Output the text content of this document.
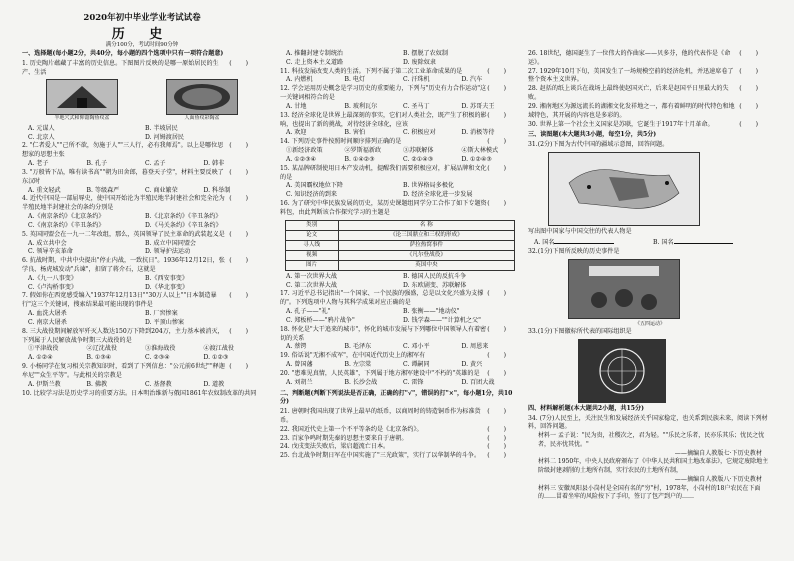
2020年初中毕业学业考试试卷
历 史
满分100分，考试时间90分钟
一、选择题(每小题2分，共40分，每小题的四个选项中只有一项符合题意)
()
1. 历史陶片蕴藏了丰富的历史信息。下图图片反映的是哪一原始居民的生产、生活
半地穴式和仰韶陶鱼纹盆	人面鱼纹彩陶盆
A. 元谋人	B. 半坡居民
C. 北京人	D. 河姆渡居民
()
2. "仁者爱人""己所不欲，勿施于人""三人行，必有我师焉"。以上是哪位思想家的思想主张
A. 老子	B. 孔子	C. 孟子	D. 韩非
()
3. "万般皆下品，唯有读书高""朝为田舍郎，暮登天子堂"，材料主要反映了东汉时
A. 重文轻武	B. 等级森严	C. 商业繁荣	D. 科举制
()
4. 近代中国是一部屈辱史，使中国开始沦为半殖民地半封建社会和完全沦为半殖民地半封建社会的条约分别是
A.《南京条约》《北京条约》	B.《北京条约》《辛丑条约》
C.《南京条约》《辛丑条约》	D.《马关条约》《辛丑条约》
()
5. 英国同盟会在一九一二年改组，那么，英国领导了民主革命的武装起义是
A. 成立共中会	B. 成立中国同盟会
C. 领导辛亥革命	D. 领导护法运动
()
6. 抗战时期，中共中央提出"停止内战，一致抗日"。1936年12月12日，张学良、杨虎城发动"兵谏"，扣留了蒋介石，这就是
A.《九一八事变》	B.《西安事变》
C.《卢沟桥事变》	D.《华北事变》
()
7. 假如你在西宽感受编入"1937年12月13日""30万人以上""日本制造暴行"这三个关键词，搜索结果最可能出现的事件是
A. 血洗大屠杀	B. 厂窖惨案
C. 南京大屠杀	D. 平顶山惨案
()
8. 三大战役期间解放军歼灭人数达150万下降到204万，主力基本被消灭，下列属于人民解放战争时期三大战役的是
①平津战役	②辽沈战役	③淮海战役	④渡江战役
A. ①②④	B. ①③④	C. ②③④	D. ①②③
()
9. 小杨同学在复习相关宗教知识时，看到了下列信息："公元前6世纪""释迦牟尼""众生平等"。与此相关的宗教是
A. 伊斯兰教	B. 佛教	C. 基督教	D. 道教
10. 比较学习法是历史学习的重要方法。日本明治维新与俄国1861年农奴制改革的共同
A. 推翻封建专制统治	B. 摆脱了农奴制
C. 走上资本主义道路	D. 废除奴隶
()
11. 科技发展改变人类的生活。下列不属于第二次工业革命成果的是
A. 内燃机	B. 电灯	C. 汗珠机	D. 汽车
()
12. 学会运用历史概念是学习历史的重要能力，下列与"历史有力合作运动"这一关键词相符合的是
A. 甘地	B. 玻利瓦尔	C. 圣马丁	D. 苏哥夫王
()
13. 经济全球化是世界上最深刻的事实，它们对人类社会，既产生了积极的影响，也提出了新的挑战，对待经济全球化，应该
A. 欢迎	B. 害怕	C. 积极应对	D. 消极等待
()
14. 下列历史事件按照时间顺序排列正确的是
①新经济政策	②罗斯福新政	③苏联解体	④斯大林模式
A. ①②③④	B. ①④②③	C. ②①④③	D. ①②④③
()
15. 某品牌研制使用日本产发动机，提醒我们需要积极应对，扩展品牌和文化的是
A. 美国霸权地位下降	B. 世界格局多极化
C. 知识经济的到来	D. 经济全球化进一步发展
()
16. 为了研究中华民族发展的历史，某历史课题组同学分工合作了如下专题资料包，由此判断该合作探究学习的主题是
类别	名 称
论文	《论三国鼎立和三权的形成》
寻人线	萨拉热窝事件
视频	《凡尔登战役》
图片	英国中央
A. 第一次世界大战	B. 德国人民的反抗斗争
C. 第二次世界大战	D. 东欧剧变、苏联解体
()
17. 习近平总书记指出"一个国家、一个民族的强盛，总是以文化兴盛为支撑的"。下列选项中人物与其科学成果对应正确的是
A. 孔子——"礼"	B. 张衡——"地动仪"
C. 郑板桥——"鸦片战争"	D. 钱学森——""计算机之父"
()
18. 怀化是"大干追来的城市"，怀化的城市发展与下列哪位中国领导人有着密切的关系
A. 蔡锷	B. 毛泽东	C. 邓小平	D. 周恩来
()
19. 俗话说"无湘不成军"，在中国近代历史上的湘军有
A. 曾国藩	B. 左宗棠	C. 谭嗣同	D. 黄兴
()
20. "患难见真情，人民英雄"，下列属于地方湘军建设中"不朽的"英雄的是
A. 刘胡兰	B. 长沙会战	C. 雷锋	D. 百团大战
二、判断题(判断下列说法是否正确，正确的打"√"，错误的打"×"，每小题1分，共10分)
()
21. 唐朝时我国出现了世界上最早的纸币，以商周时的铸造铜币作为标准货币。
()
22. 我国近代史上第一个不平等条约是《北京条约》。
()
23. 百家争鸣时期先秦的思想主要来自于唐朝。
()
24. 戊戌变法失败后，梁启超流亡日本。
()
25. 台北战争时期日军在中国实施了"三光政策"，实行了以华制华的斗争。
()
26. 18世纪，德国诞生了一位伟大的作曲家——贝多芬，他的代表作是《命运》。
()
27. 1929年10月下旬，美国发生了一场规模空前的经济危机，并迅速席卷了整个资本主义世界。
()
28. 赵括的纸上谈兵在战场上最终使赵国灭亡，后来是赵国平日里最大的失败。
()
29. 湘南地区为源远流长的湖湘文化发祥地之一，都有着鲜明的时代特色和地域特色，其开展的内容也是多彩的。
()
30. 世界上第一个社会主义国家是苏联，它诞生于1917年十月革命。
三、读图题(本大题共3小题，每空1分，共5分)
31.(2分)下图为古代中国的疆域示意图，回答问题。
写出图中国家与中国交往的代表人物是
A. 国名	B. 国名
32.(1分)下图所反映的历史事件是
《五四运动》
33.(1分)下图徽标所代表的国际组织是
四、材料解析题(本大题共2小题，共15分)
34. (7分)人民至上，关注民生和发展经济关乎国家稳定，也关系到民族未来，阅读下列材料，回答问题。
材料一 孟子说："民为贵，社稷次之，君为轻。""乐民之乐者，民亦乐其乐；忧民之忧者，民亦忧其忧。"
——摘编自人教版七·下历史教材
材料二 1950年，中央人民政府颁布了《中华人民共和国土地改革法》，它规定废除地主阶级封建剥削的土地所有制，实行农民的土地所有制，
——摘编自人教版八·下历史教材
材料三 安徽凤阳县小岗村是全国有名的"穷"村，1978年，小岗村的18户农民在下面的……冒着坐牢的风险按下了手印，签订了包产到户的……
